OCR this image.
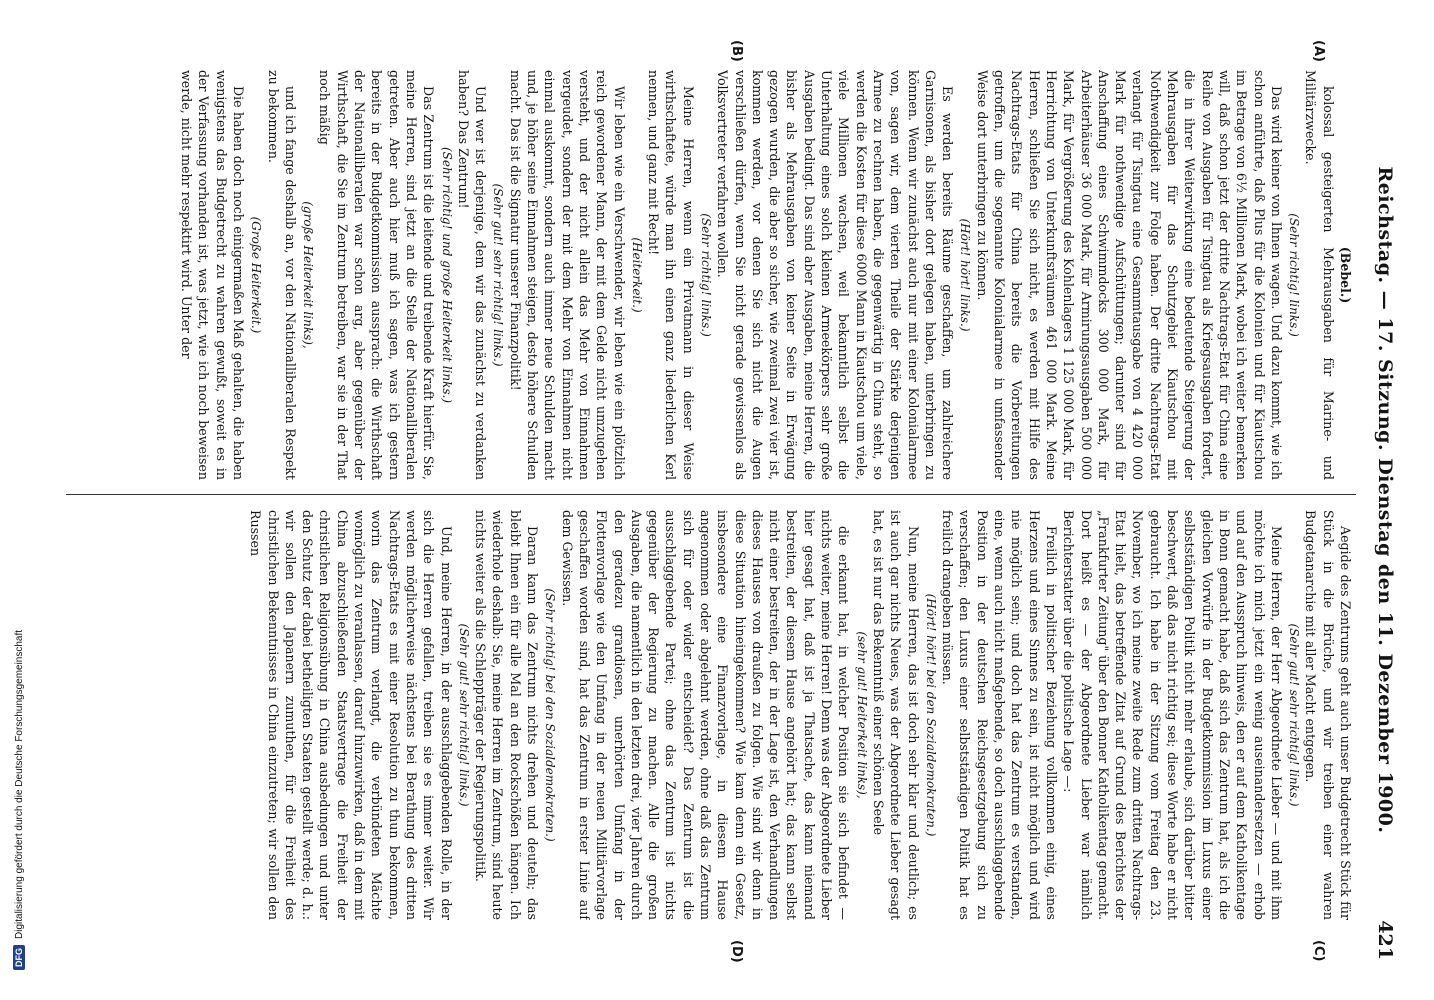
Reichstag. — 17. Sitzung. Dienstag den 11. Dezember 1900.
421
(A)
(B)
(C)
(D)

(Bebel.)

kolossal gesteigerten Mehrausgaben für Marine- und Militärzwecke.

(Sehr richtig! links.)

Das wird keiner von Ihnen wagen. Und dazu kommt, wie ich schon anführte, daß Plus für die Kolonien und für Kiautschou im Betrage von 6½ Millionen Mark, wobei ich weiter bemerken will, daß schon jetzt der dritte Nachtrags-Etat für China eine Reihe von Ausgaben für Tsingtau als Kriegsausgaben fordert, die in ihrer Weiterwirkung eine bedeutende Steigerung der Mehrausgaben für das Schutzgebiet Kiautschou mit Nothwendigkeit zur Folge haben. Der dritte Nachtrags-Etat verlangt für Tsingtau eine Gesammtausgabe von 4 420 000 Mark für nothwendige Aufschüttungen; darunter sind für Anschaffung eines Schwimmdocks 300 000 Mark, für Arbeiterhäuser 36 000 Mark, für Armirungsausgaben 500 000 Mark, für Vergrößerung des Kohlenlagers 1 125 000 Mark, für Herrichtung von Unterkunftsräumen 461 000 Mark. Meine Herren, schließen Sie sich nicht, es werden mit Hilfe des Nachtrags-Etats für China bereits die Vorbereitungen getroffen, um die sogenannte Kolonialarmee in umfassender Weise dort unterbringen zu können.

(Hört! hört! links.)

Es werden bereits Räume geschaffen, um zahlreichere Garnisonen, als bisher dort gelegen haben, unterbringen zu können. Wenn wir zunächst auch nur mit einer Kolonialarmee von, sagen wir, dem vierten Theile der Stärke derjenigen Armee zu rechnen haben, die gegenwärtig in China steht, so werden die Kosten für diese 6000 Mann in Kiautschou um viele, viele Millionen wachsen, weil bekanntlich selbst die Unterhaltung eines solch kleinen Armeekörpers sehr große Ausgaben bedingt. Das sind aber Ausgaben, meine Herren, die bisher als Mehrausgaben von keiner Seite in Erwägung gezogen wurden, die aber so sicher, wie zweimal zwei vier ist, kommen werden, vor denen Sie sich nicht die Augen verschließen dürfen, wenn Sie nicht gerade gewissenlos als Volksvertreter verfahren wollen.

(Sehr richtig! links.)

Meine Herren, wenn ein Privatmann in dieser Weise wirthschaftete, würde man ihn einen ganz liederlichen Kerl nennen, und ganz mit Recht!

(Heiterkeit.)

Wir leben wie ein Verschwender, wir leben wie ein plötzlich reich gewordener Mann, der mit dem Gelde nicht umzugehen versteht, und der nicht allein das Mehr von Einnahmen vergeudet, sondern der mit dem Mehr von Einnahmen nicht einmal auskommt, sondern auch immer neue Schulden macht und, je höher seine Einnahmen steigen, desto höhere Schulden macht. Das ist die Signatur unserer Finanzpolitik!

(Sehr gut! sehr richtig! links.)

Und wer ist derjenige, dem wir das zunächst zu verdanken haben? Das Zentrum!

(Sehr richtig! und große Heiterkeit links.)

Das Zentrum ist die leitende und treibende Kraft hierfür. Sie, meine Herren, sind jetzt an die Stelle der Nationalliberalen getreten. Aber auch hier muß ich sagen, was ich gestern bereits in der Budgetkommission aussprach: die Wirthschaft der Nationalliberalen war schon arg, aber gegenüber der Wirthschaft, die Sie im Zentrum betreiben, war sie in der That noch mäßig

(große Heiterkeit links),

und ich fange deshalb an, vor den Nationalliberalen Respekt zu bekommen.

(Große Heiterkeit.)

Die haben doch noch einigermaßen Maß gehalten, die haben wenigstens das Budgetrecht zu wahren gewußt, soweit es in der Verfassung vorhanden ist, was jetzt, wie ich noch beweisen werde, nicht mehr respektirt wird. Unter der

Aegide des Zentrums geht auch unser Budgetrecht Stück für Stück in die Brüche, und wir treiben einer wahren Budgetanarchie mit aller Macht entgegen.

(Sehr gut! sehr richtig! links.)

Meine Herren, der Herr Abgeordnete Lieber — und mit ihm möchte ich mich jetzt ein wenig auseinandersetzen — erhob und auf den Ausspruch hinweis, den er auf dem Katholikentage in Bonn gemacht habe, daß sich das Zentrum hat, als ich die gleichen Vorwürfe in der Budgetkommission im Luxus einer selbstständigen Politik nicht mehr erlaube, sich darüber bitter beschwert, daß das nicht richtig sei; diese Worte habe er nicht gebraucht. Ich habe in der Sitzung vom Freitag den 23. November, wo ich meine zweite Rede zum dritten Nachtrags-Etat hielt, das betreffende Zitat auf Grund des Berichtes der „Frankfurter Zeitung" über den Bonner Katholikentag gemacht. Dort heißt es — der Abgeordnete Lieber war nämlich Berichterstatter über die politische Lage —:

Freilich in politischer Beziehung vollkommen einig, eines Herzens und eines Sinnes zu sein, ist nicht möglich und wird nie möglich sein; und doch hat das Zentrum es verstanden, eine, wenn auch nicht maßgebende, so doch ausschlaggebende Position in der deutschen Reichsgesetzgebung sich zu verschaffen; den Luxus einer selbstständigen Politik hat es freilich drangeben müssen.

(Hört! hört! bei den Sozialdemokraten.)

Nun, meine Herren, das ist doch sehr klar und deutlich; es ist auch gar nichts Neues, was der Abgeordnete Lieber gesagt hat, es ist nur das Bekenntniß einer schönen Seele

(sehr gut! Heiterkeit links),

die erkannt hat, in welcher Position sie sich befindet — nichts weiter, meine Herren! Denn was der Abgeordnete Lieber hier gesagt hat, daß ist ja Thatsache, das kann niemand bestreiten, der diesem Hause angehört hat; das kann selbst nicht einer bestreiten, der in der Lage ist, den Verhandlungen dieses Hauses von draußen zu folgen. Wie sind wir denn in diese Situation hineingekommen? Wie kam denn ein Gesetz, insbesondere eine Finanzvorlage, in diesem Hause angenommen oder abgelehnt werden, ohne daß das Zentrum sich für oder wider entscheidet? Das Zentrum ist die ausschlaggebende Partei; ohne das Zentrum ist nichts gegenüber der Regierung zu machen. Alle die großen Ausgaben, die namentlich in den letzten drei, vier Jahren durch den geradezu grandiosen, unerhörten Umfang in der Flottenvorlage wie den Umfang in der neuen Militärvorlage geschaffen worden sind, hat das Zentrum in erster Linie auf dem Gewissen.

(Sehr richtig! bei den Sozialdemokraten.)

Daran kann das Zentrum nichts drehen und deuteln; das bleibt Ihnen ein für alle Mal an den Rockschößen hängen. Ich wiederhole deshalb: Sie, meine Herren im Zentrum, sind heute nichts weiter als die Schleppträger der Regierungspolitik.

(Sehr gut! sehr richtig! links.)

Und, meine Herren, in der ausschlaggebenden Rolle, in der sich die Herren gefallen, treiben sie es immer weiter. Wir werden möglicherweise nächstens bei Berathung des dritten Nachtrags-Etats es mit einer Resolution zu thun bekommen, worin das Zentrum verlangt, die verbündeten Mächte womöglich zu veranlassen, darauf hinzuwirken, daß in dem mit China abzuschließenden Staatsvertrage die Freiheit der christlichen Religionsübung in China ausbedungen und unter den Schutz der dabei betheiligten Staaten gestellt werde; d. h.: wir sollen den Japanern zumuthen, für die Freiheit des christlichen Bekenntnisses in China einzutreten; wir sollen den Russen

DFG
Digitalisierung gefördert durch die Deutsche Forschungsgemeinschaft
